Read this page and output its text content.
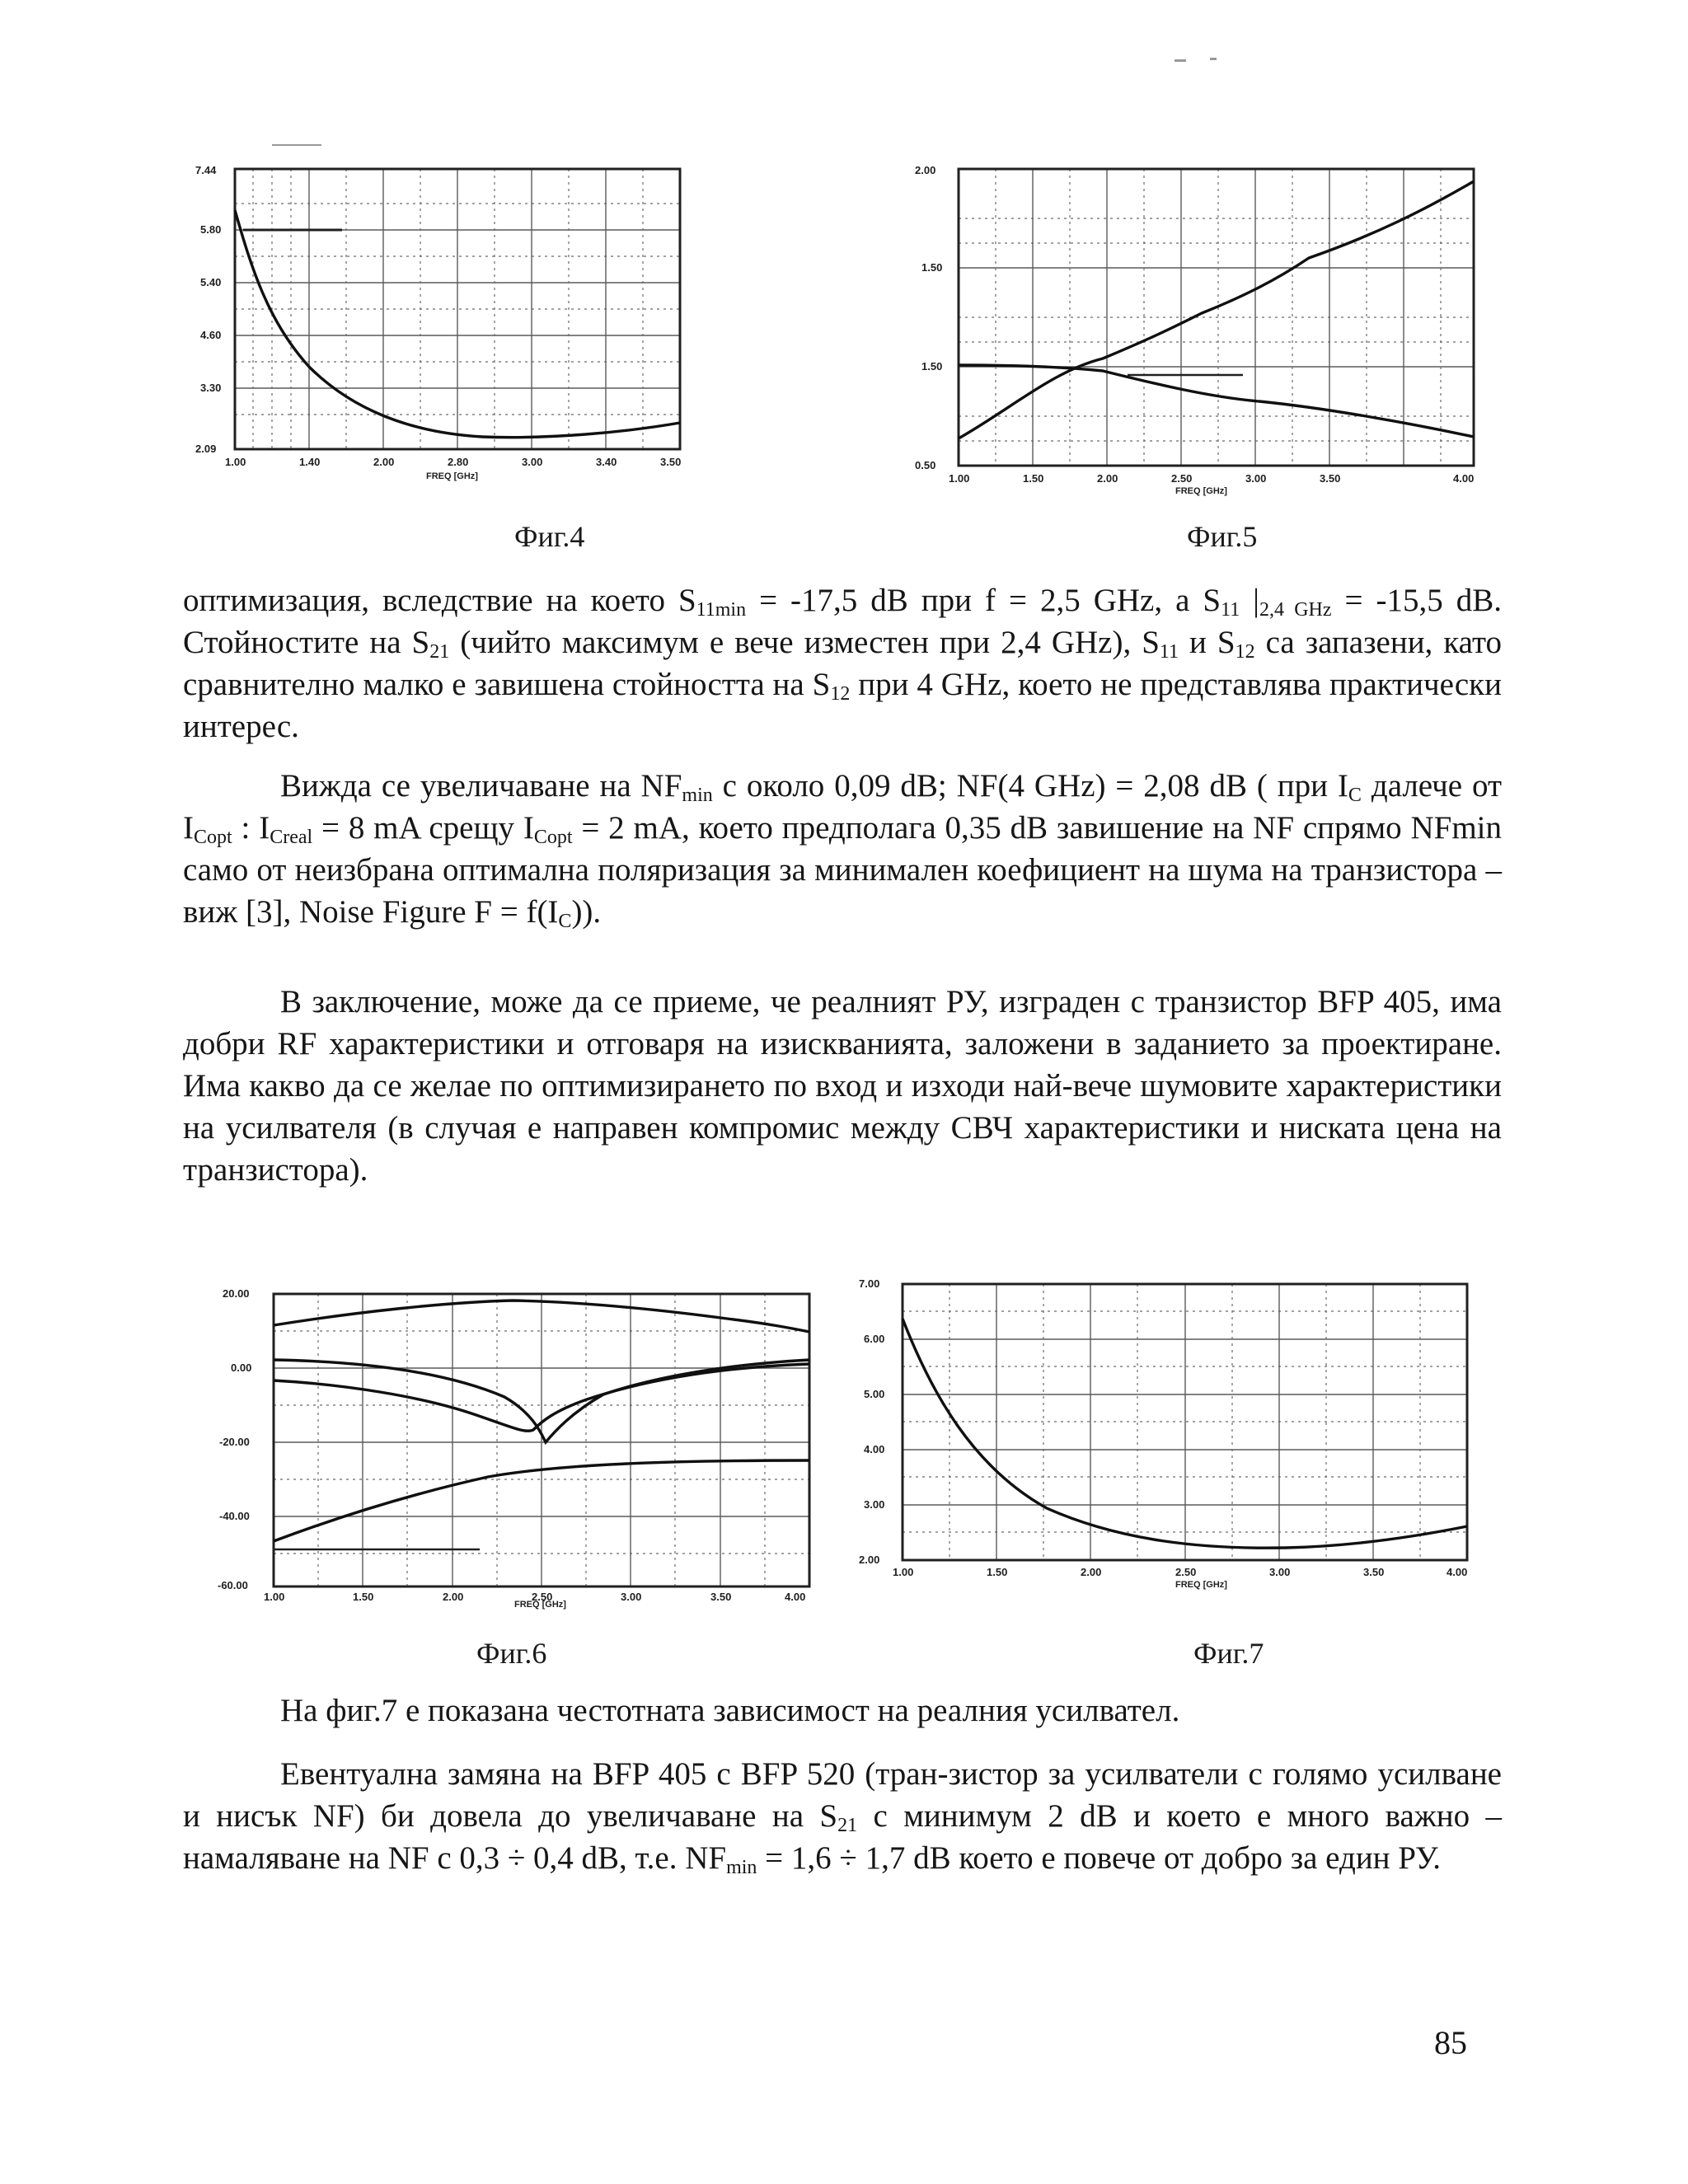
7.44
5.80
5.40
4.60
3.30
2.09
1.00	1.40	2.00	2.80	3.00	3.40	3.50
FREQ [GHz]
Фиг.4
2.00
1.50
1.50
0.50
1.00	1.50	2.00	2.50	3.00	3.50	4.00
FREQ [GHz]
Фиг.5

оптимизация, вследствие на което $S_{11min} = -17,5$ dB при f = 2,5 GHz, а $S_{11}$ $|_{2,4 GHz} = -15,5$ dB. Стойностите на $S_{21}$ (чийто максимум е вече изместен при 2,4 GHz), $S_{11}$ и $S_{12}$ са запазени, като сравнително малко е завишена стойността на $S_{12}$ при 4 GHz, което не представлява практически интерес.

Вижда се увеличаване на $NF_{min}$ с около 0,09 dB; NF(4 GHz) = 2,08 dB ( при $I_C$ далече от $I_{Copt}$ : $I_{Creal} = 8$ mA срещу $I_{Copt} = 2$ mA, което предполага 0,35 dB завишение на NF спрямо NFmin само от неизбрана оптимална поляризация за минимален коефициент на шума на транзистора – виж [3], Noise Figure $F = f(I_C)$).

В заключение, може да се приеме, че реалният РУ, изграден с транзистор BFP 405, има добри RF характеристики и отговаря на изискванията, заложени в заданието за проектиране. Има какво да се желае по оптимизирането по вход и изходи най-вече шумовите характеристики на усилвателя (в случая е направен компромис между СВЧ характеристики и ниската цена на транзистора).

20.00
0.00
-20.00
-40.00
-60.00
1.00	1.50	2.00	2.50	3.00	3.50	4.00
FREQ [GHz]
Фиг.6
7.00
6.00
5.00
4.00
3.00
2.00
1.00	1.50	2.00	2.50	3.00	3.50	4.00
FREQ [GHz]
Фиг.7

На фиг.7 е показана честотната зависимост на реалния усилвател.

Евентуална замяна на BFP 405 с BFP 520 (тран-зистор за усилватели с голямо усилване и нисък NF) би довела до увеличаване на $S_{21}$ с минимум 2 dB и което е много важно – намаляване на NF с 0,3 ÷ 0,4 dB, т.е. $NF_{min} = 1,6 \div 1,7$ dB което е повече от добро за един РУ.

85
